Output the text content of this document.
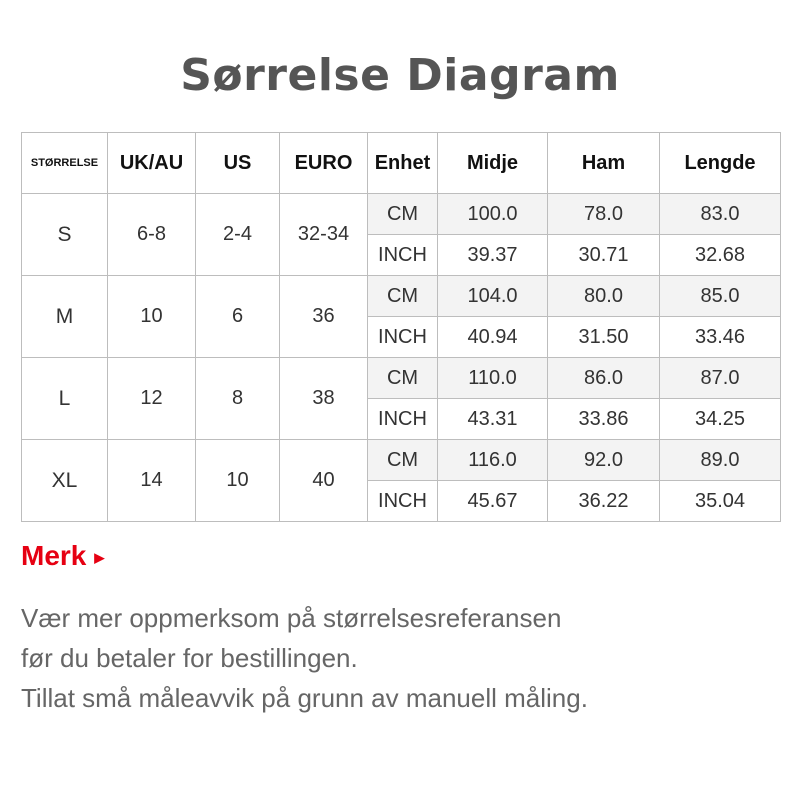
Sørrelse Diagram
STØRRELSE	UK/AU	US	EURO	Enhet	Midje	Ham	Lengde
S	6-8	2-4	32-34	CM	100.0	78.0	83.0
				INCH	39.37	30.71	32.68
M	10	6	36	CM	104.0	80.0	85.0
				INCH	40.94	31.50	33.46
L	12	8	38	CM	110.0	86.0	87.0
				INCH	43.31	33.86	34.25
XL	14	10	40	CM	116.0	92.0	89.0
				INCH	45.67	36.22	35.04
Merk ▶
Vær mer oppmerksom på størrelsesreferansen
før du betaler for bestillingen.
Tillat små måleavvik på grunn av manuell måling.
